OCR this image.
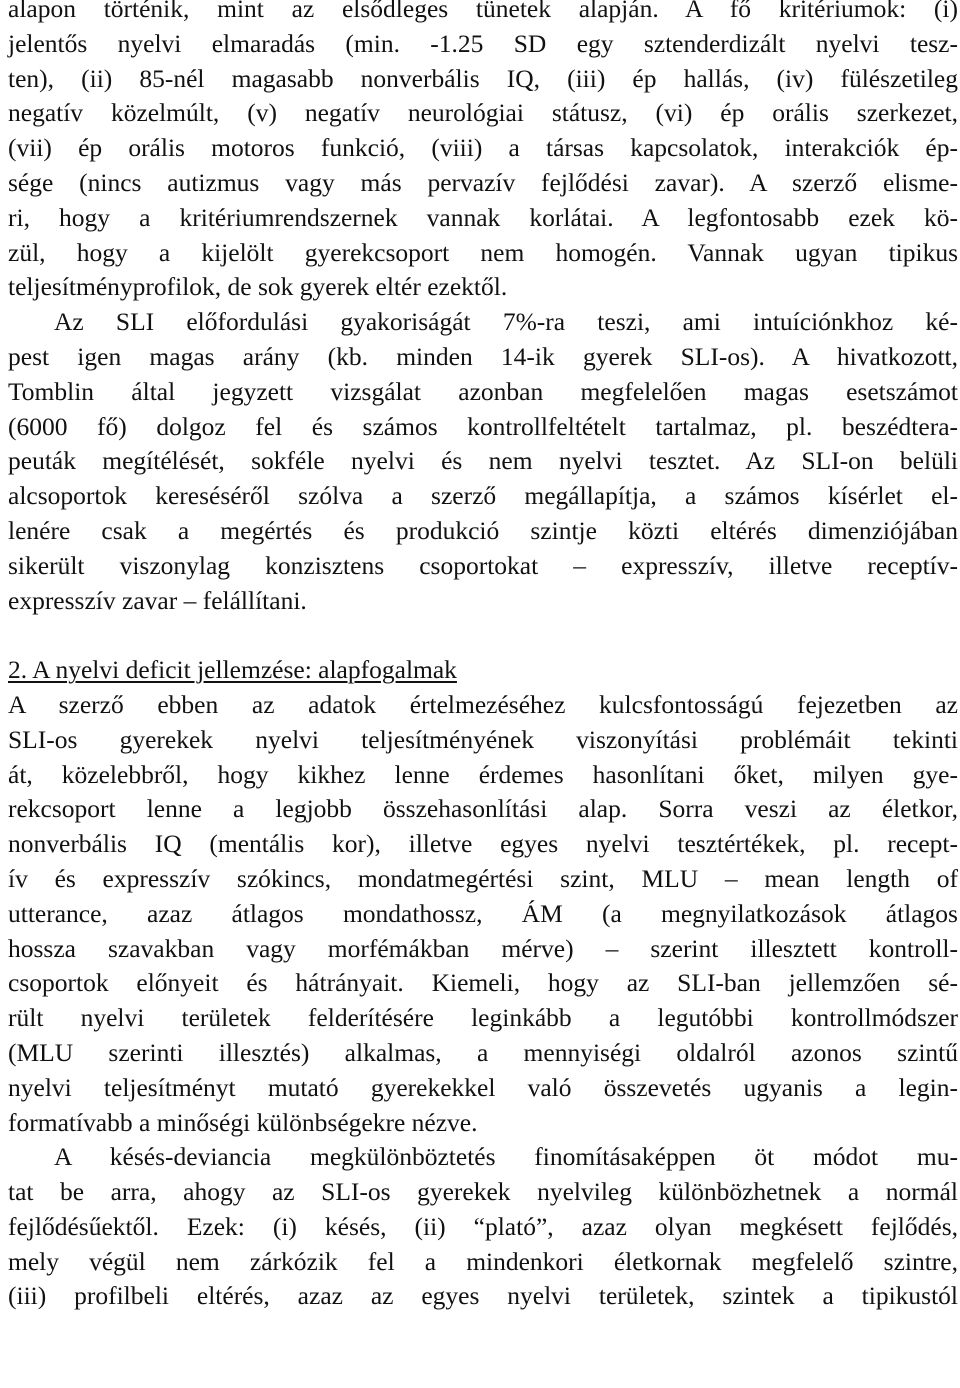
alapon történik, mint az elsődleges tünetek alapján. A fő kritériumok: (i)
jelentős nyelvi elmaradás (min. -1.25 SD egy sztenderdizált nyelvi tesz-
ten), (ii) 85-nél magasabb nonverbális IQ, (iii) ép hallás, (iv) fülészetileg
negatív közelmúlt, (v) negatív neurológiai státusz, (vi) ép orális szerkezet,
(vii) ép orális motoros funkció, (viii) a társas kapcsolatok, interakciók ép-
sége (nincs autizmus vagy más pervazív fejlődési zavar). A szerző elisme-
ri, hogy a kritériumrendszernek vannak korlátai. A legfontosabb ezek kö-
zül, hogy a kijelölt gyerekcsoport nem homogén. Vannak ugyan tipikus
teljesítményprofilok, de sok gyerek eltér ezektől.
Az SLI előfordulási gyakoriságát 7%-ra teszi, ami intuíciónkhoz ké-
pest igen magas arány (kb. minden 14-ik gyerek SLI-os). A hivatkozott,
Tomblin által jegyzett vizsgálat azonban megfelelően magas esetszámot
(6000 fő) dolgoz fel és számos kontrollfeltételt tartalmaz, pl. beszédtera-
peuták megítélését, sokféle nyelvi és nem nyelvi tesztet. Az SLI-on belüli
alcsoportok kereséséről szólva a szerző megállapítja, a számos kísérlet el-
lenére csak a megértés és produkció szintje közti eltérés dimenziójában
sikerült viszonylag konzisztens csoportokat – expresszív, illetve receptív-
expresszív zavar – felállítani.
2. A nyelvi deficit jellemzése: alapfogalmak
A szerző ebben az adatok értelmezéséhez kulcsfontosságú fejezetben az
SLI-os gyerekek nyelvi teljesítményének viszonyítási problémáit tekinti
át, közelebbről, hogy kikhez lenne érdemes hasonlítani őket, milyen gye-
rekcsoport lenne a legjobb összehasonlítási alap. Sorra veszi az életkor,
nonverbális IQ (mentális kor), illetve egyes nyelvi tesztértékek, pl. recept-
ív és expresszív szókincs, mondatmegértési szint, MLU – mean length of
utterance, azaz átlagos mondathossz, ÁM (a megnyilatkozások átlagos
hossza szavakban vagy morfémákban mérve) – szerint illesztett kontroll-
csoportok előnyeit és hátrányait. Kiemeli, hogy az SLI-ban jellemzően sé-
rült nyelvi területek felderítésére leginkább a legutóbbi kontrollmódszer
(MLU szerinti illesztés) alkalmas, a mennyiségi oldalról azonos szintű
nyelvi teljesítményt mutató gyerekekkel való összevetés ugyanis a legin-
formatívabb a minőségi különbségekre nézve.
A késés-deviancia megkülönböztetés finomításaképpen öt módot mu-
tat be arra, ahogy az SLI-os gyerekek nyelvileg különbözhetnek a normál
fejlődésűektől. Ezek: (i) késés, (ii) “plató”, azaz olyan megkésett fejlődés,
mely végül nem zárkózik fel a mindenkori életkornak megfelelő szintre,
(iii) profilbeli eltérés, azaz az egyes nyelvi területek, szintek a tipikustól
